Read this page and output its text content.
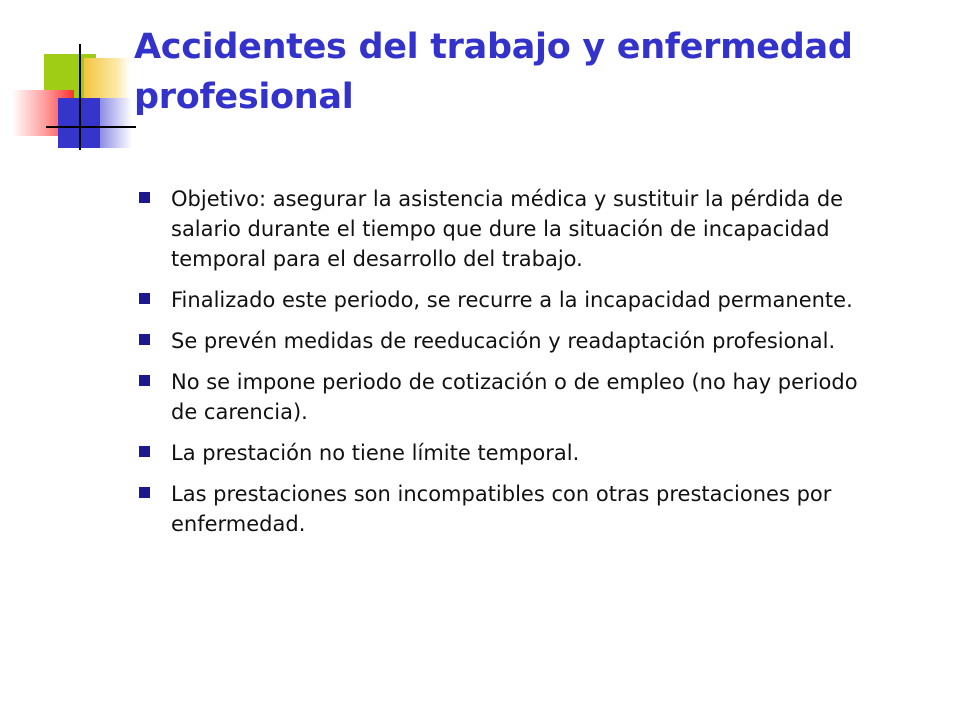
Accidentes del trabajo y enfermedad profesional
Objetivo: asegurar la asistencia médica y sustituir la pérdida de salario durante el tiempo que dure la situación de incapacidad temporal para el desarrollo del trabajo.
Finalizado este periodo, se recurre a la incapacidad permanente.
Se prevén medidas de reeducación y readaptación profesional.
No se impone periodo de cotización o de empleo (no hay periodo de carencia).
La prestación no tiene límite temporal.
Las prestaciones son incompatibles con otras prestaciones por enfermedad.
